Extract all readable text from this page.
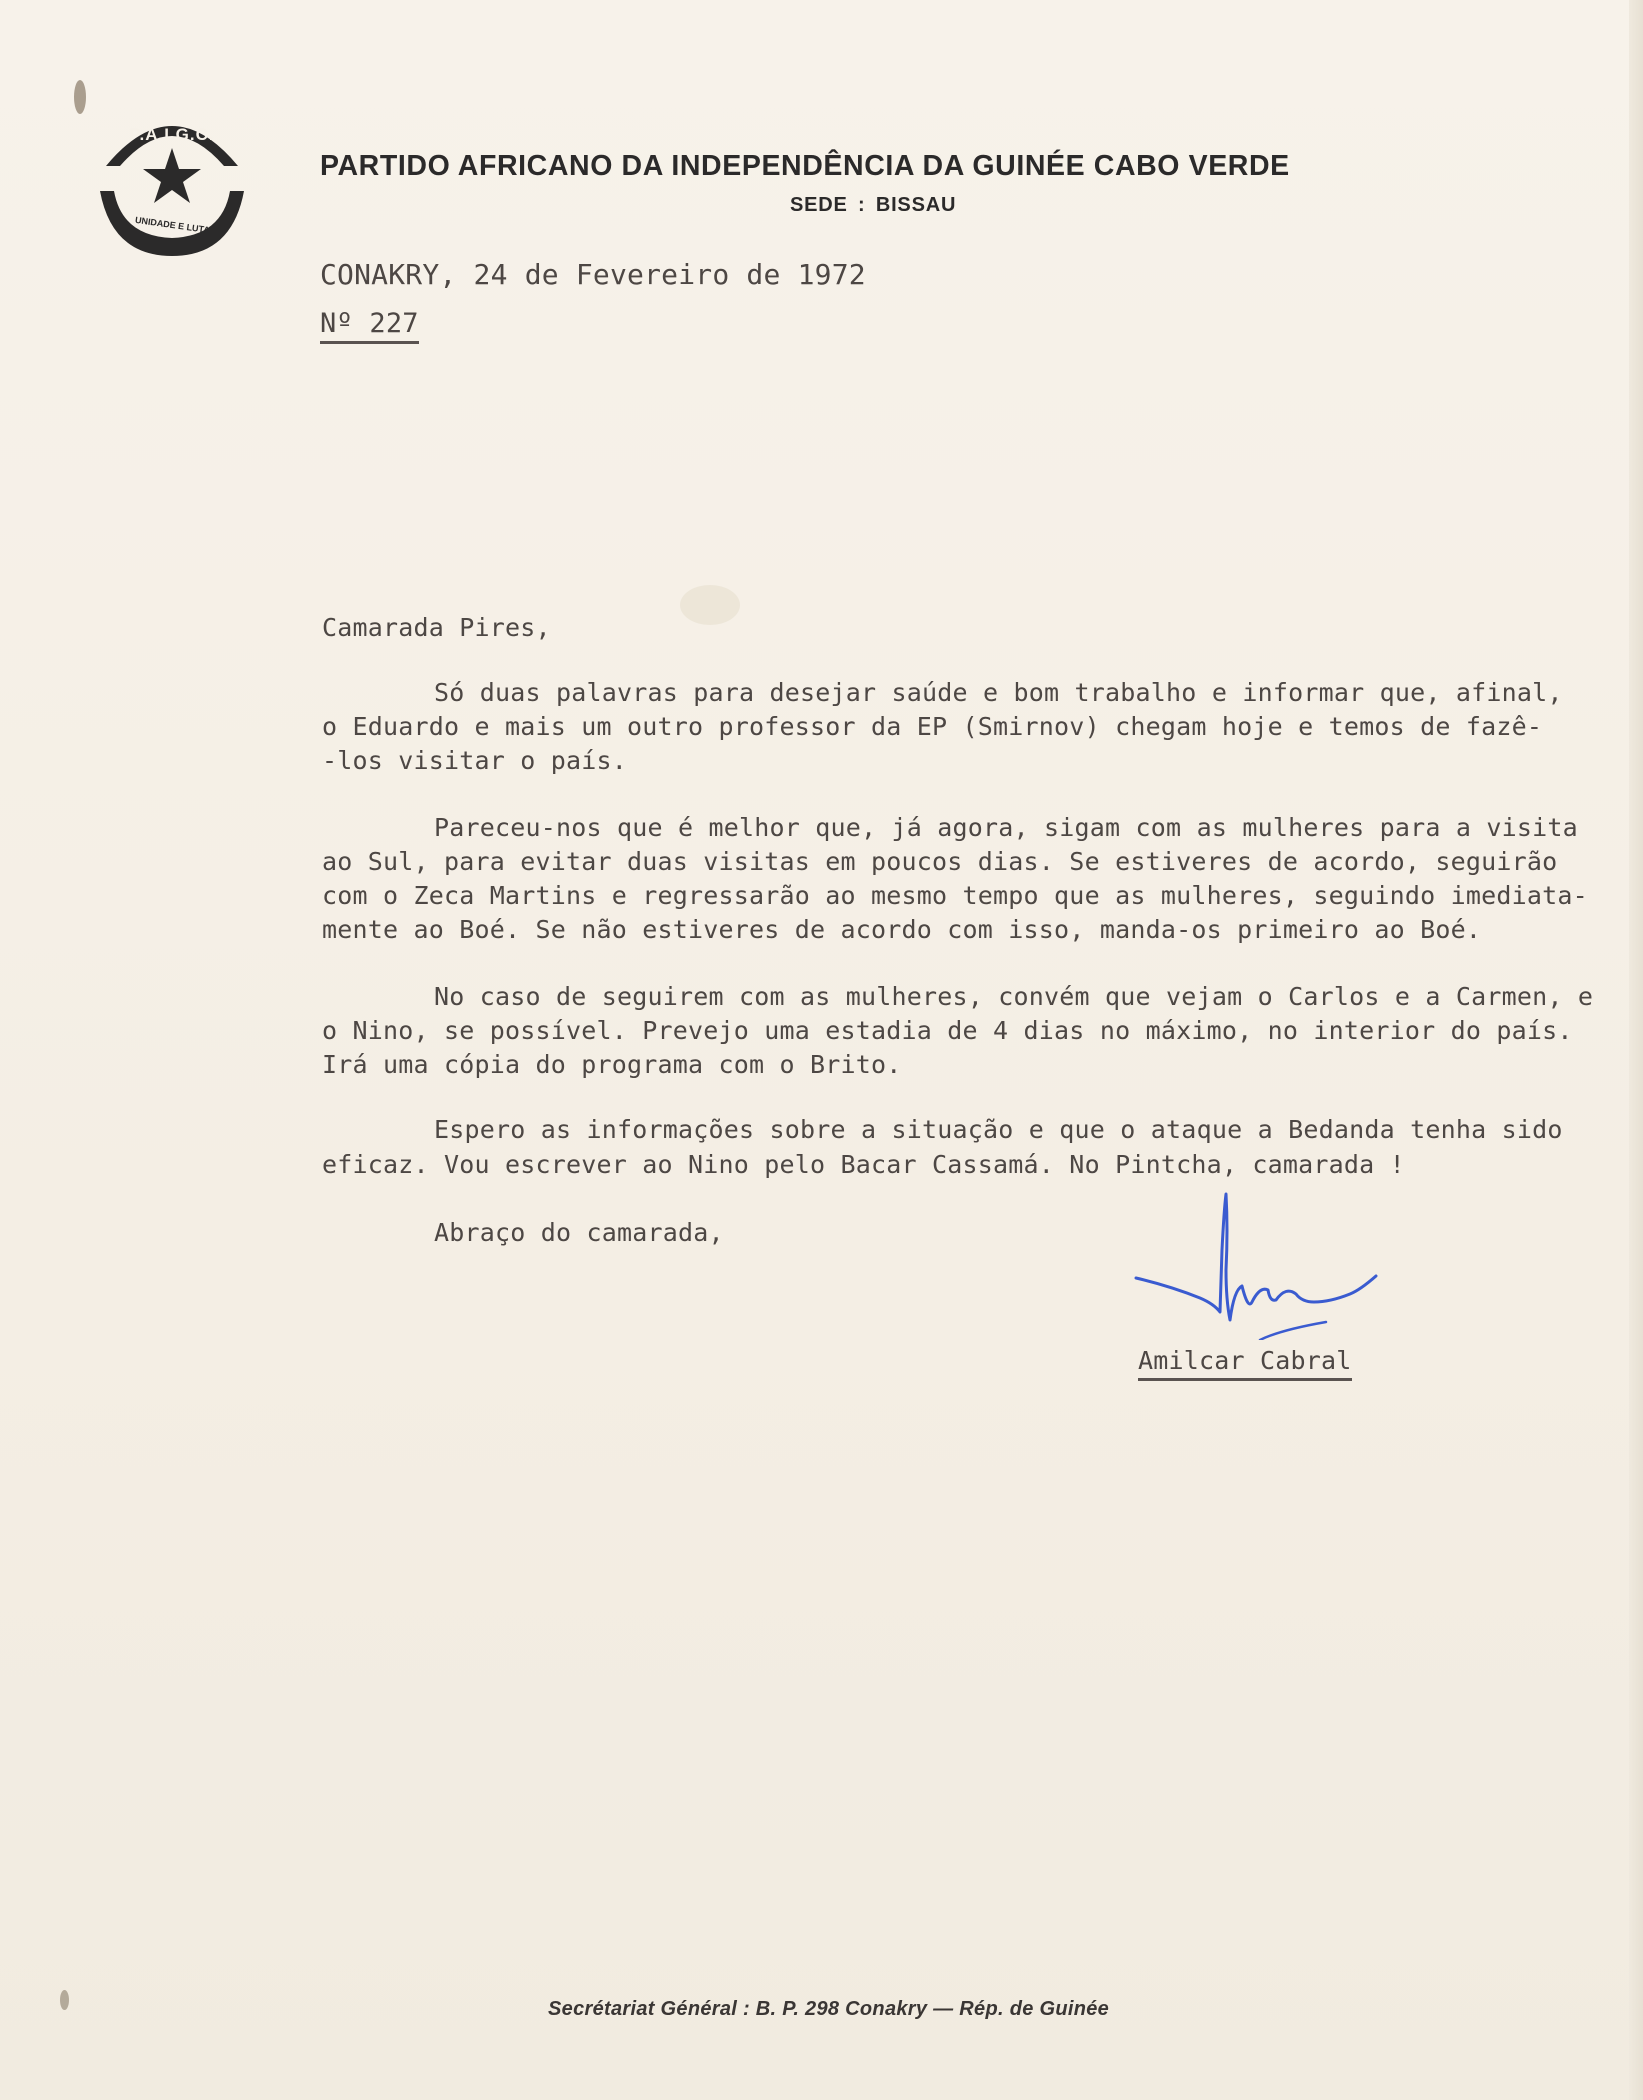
P.A.I.G.C.
UNIDADE E LUTA
PARTIDO AFRICANO DA INDEPENDÊNCIA DA GUINÉE CABO VERDE
SEDE : BISSAU
CONAKRY, 24 de Fevereiro de 1972
Nº 227
Camarada Pires,
Só duas palavras para desejar saúde e bom trabalho e informar que, afinal,
o Eduardo e mais um outro professor da EP (Smirnov) chegam hoje e temos de fazê-
-los visitar o país.
Pareceu-nos que é melhor que, já agora, sigam com as mulheres para a visita
ao Sul, para evitar duas visitas em poucos dias. Se estiveres de acordo, seguirão
com o Zeca Martins e regressarão ao mesmo tempo que as mulheres, seguindo imediata-
mente ao Boé. Se não estiveres de acordo com isso, manda-os primeiro ao Boé.
No caso de seguirem com as mulheres, convém que vejam o Carlos e a Carmen, e
o Nino, se possível. Prevejo uma estadia de 4 dias no máximo, no interior do país.
Irá uma cópia do programa com o Brito.
Espero as informações sobre a situação e que o ataque a Bedanda tenha sido
eficaz. Vou escrever ao Nino pelo Bacar Cassamá. No Pintcha, camarada !
Abraço do camarada,
Amilcar Cabral
Secrétariat Général : B. P. 298 Conakry — Rép. de Guinée
